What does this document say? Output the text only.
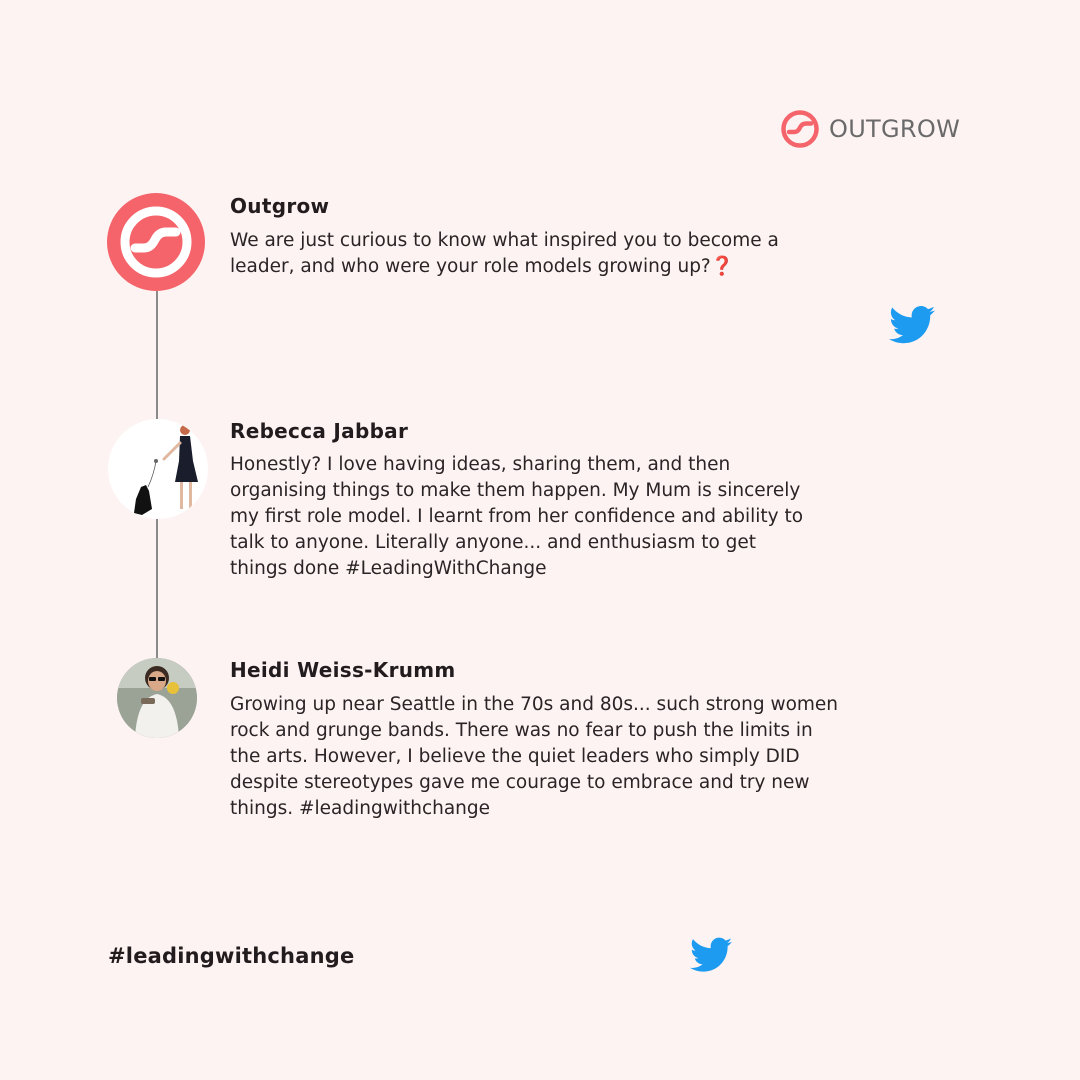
OUTGROW
Outgrow
We are just curious to know what inspired you to become a leader, and who were your role models growing up?❓
Rebecca Jabbar
Honestly? I love having ideas, sharing them, and then organising things to make them happen. My Mum is sincerely my first role model. I learnt from her confidence and ability to talk to anyone. Literally anyone... and enthusiasm to get things done #LeadingWithChange
Heidi Weiss-Krumm
Growing up near Seattle in the 70s and 80s... such strong women rock and grunge bands. There was no fear to push the limits in the arts. However, I believe the quiet leaders who simply DID despite stereotypes gave me courage to embrace and try new things. #leadingwithchange
#leadingwithchange
